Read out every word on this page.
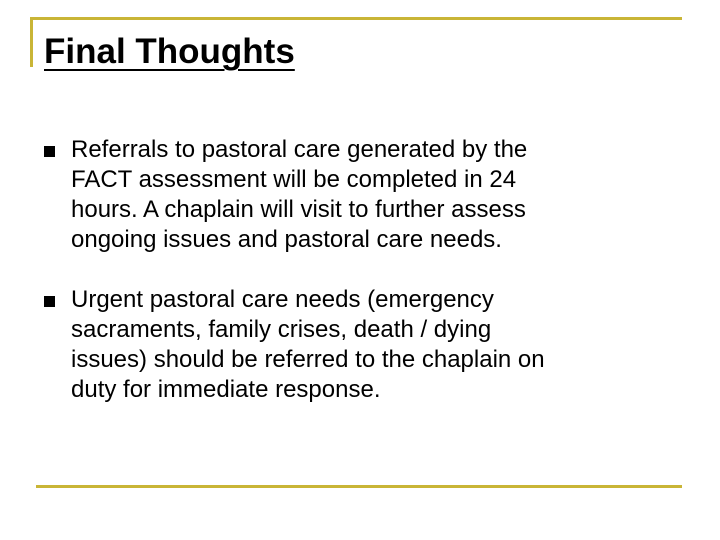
Final Thoughts
Referrals to pastoral care generated by the
FACT assessment will be completed in 24
hours. A chaplain will visit to further assess
ongoing issues and pastoral care needs.
Urgent pastoral care needs (emergency
sacraments, family crises, death / dying
issues) should be referred to the chaplain on
duty for immediate response.
